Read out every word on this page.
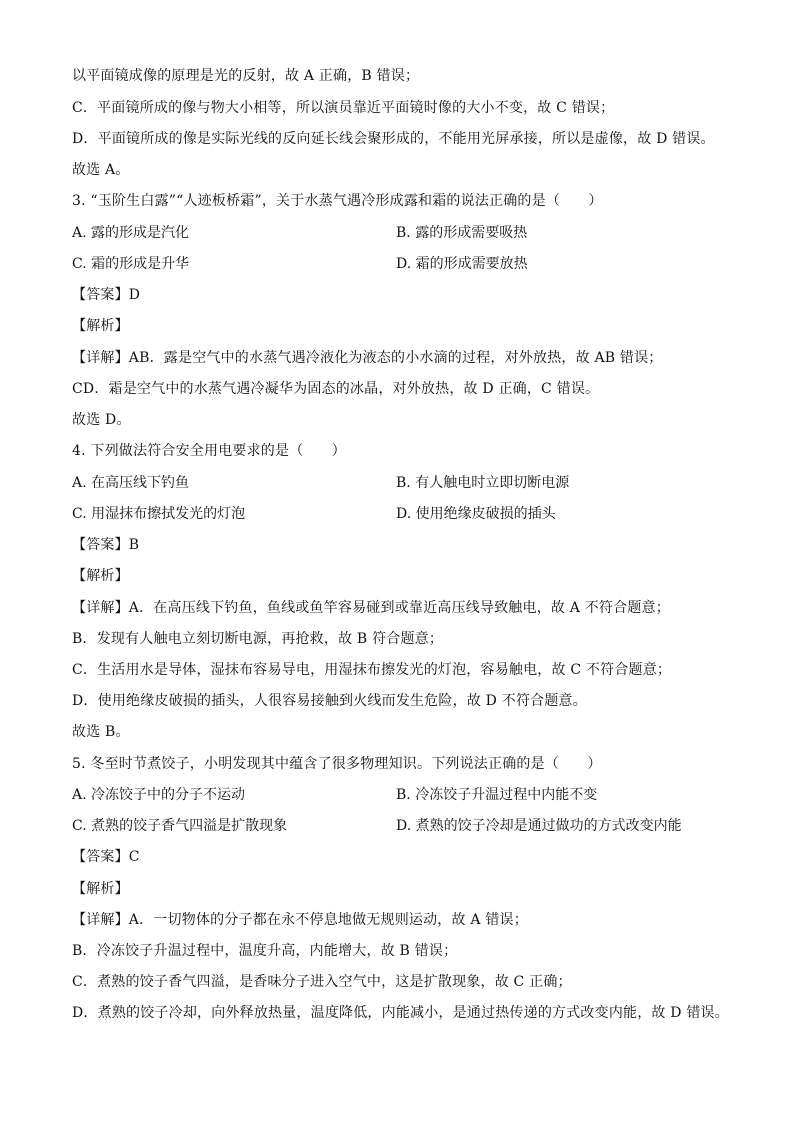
以平面镜成像的原理是光的反射，故 A 正确，B 错误；
C．平面镜所成的像与物大小相等，所以演员靠近平面镜时像的大小不变，故 C 错误；
D．平面镜所成的像是实际光线的反向延长线会聚形成的，不能用光屏承接，所以是虚像，故 D 错误。
故选 A。
3. “玉阶生白露”“人迹板桥霜”，关于水蒸气遇冷形成露和霜的说法正确的是（　　）
A. 露的形成是汽化	B. 露的形成需要吸热
C. 霜的形成是升华	D. 霜的形成需要放热
【答案】D
【解析】
【详解】AB．露是空气中的水蒸气遇冷液化为液态的小水滴的过程，对外放热，故 AB 错误；
CD．霜是空气中的水蒸气遇冷凝华为固态的冰晶，对外放热，故 D 正确，C 错误。
故选 D。
4. 下列做法符合安全用电要求的是（　　）
A. 在高压线下钓鱼	B. 有人触电时立即切断电源
C. 用湿抹布擦拭发光的灯泡	D. 使用绝缘皮破损的插头
【答案】B
【解析】
【详解】A．在高压线下钓鱼，鱼线或鱼竿容易碰到或靠近高压线导致触电，故 A 不符合题意；
B．发现有人触电立刻切断电源，再抢救，故 B 符合题意；
C．生活用水是导体，湿抹布容易导电，用湿抹布擦发光的灯泡，容易触电，故 C 不符合题意；
D．使用绝缘皮破损的插头，人很容易接触到火线而发生危险，故 D 不符合题意。
故选 B。
5. 冬至时节煮饺子，小明发现其中蕴含了很多物理知识。下列说法正确的是（　　）
A. 冷冻饺子中的分子不运动	B. 冷冻饺子升温过程中内能不变
C. 煮熟的饺子香气四溢是扩散现象	D. 煮熟的饺子冷却是通过做功的方式改变内能
【答案】C
【解析】
【详解】A．一切物体的分子都在永不停息地做无规则运动，故 A 错误；
B．冷冻饺子升温过程中，温度升高，内能增大，故 B 错误；
C．煮熟的饺子香气四溢，是香味分子进入空气中，这是扩散现象，故 C 正确；
D．煮熟的饺子冷却，向外释放热量，温度降低，内能减小，是通过热传递的方式改变内能，故 D 错误。
